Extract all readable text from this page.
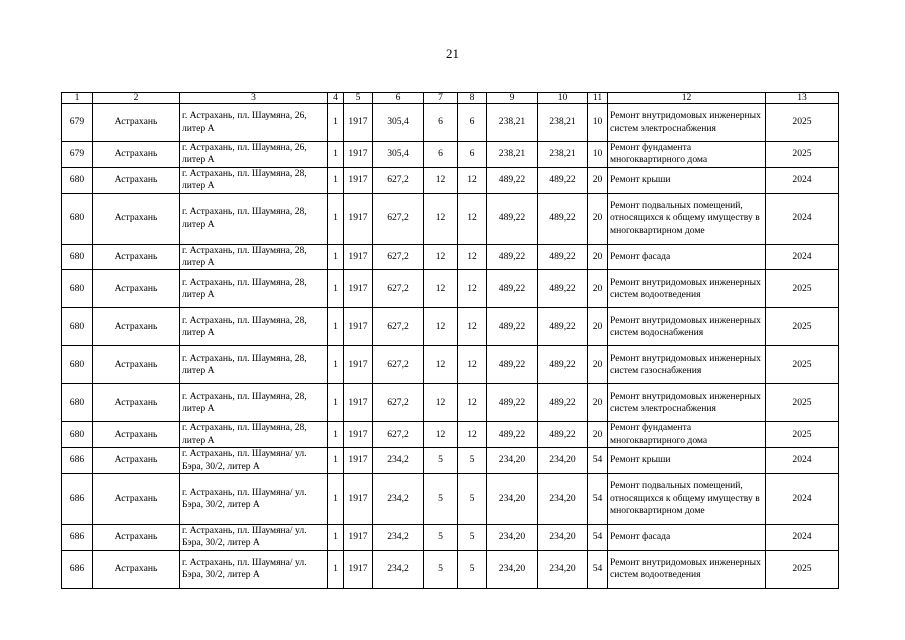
21
1	2	3	4	5	6	7	8	9	10	11	12	13
679	Астрахань	г. Астрахань, пл. Шаумяна, 26, литер А	1	1917	305,4	6	6	238,21	238,21	10	Ремонт внутридомовых инженерных систем электроснабжения	2025
679	Астрахань	г. Астрахань, пл. Шаумяна, 26, литер А	1	1917	305,4	6	6	238,21	238,21	10	Ремонт фундамента многоквартирного дома	2025
680	Астрахань	г. Астрахань, пл. Шаумяна, 28, литер А	1	1917	627,2	12	12	489,22	489,22	20	Ремонт крыши	2024
680	Астрахань	г. Астрахань, пл. Шаумяна, 28, литер А	1	1917	627,2	12	12	489,22	489,22	20	Ремонт подвальных помещений, относящихся к общему имуществу в многоквартирном доме	2024
680	Астрахань	г. Астрахань, пл. Шаумяна, 28, литер А	1	1917	627,2	12	12	489,22	489,22	20	Ремонт фасада	2024
680	Астрахань	г. Астрахань, пл. Шаумяна, 28, литер А	1	1917	627,2	12	12	489,22	489,22	20	Ремонт внутридомовых инженерных систем водоотведения	2025
680	Астрахань	г. Астрахань, пл. Шаумяна, 28, литер А	1	1917	627,2	12	12	489,22	489,22	20	Ремонт внутридомовых инженерных систем водоснабжения	2025
680	Астрахань	г. Астрахань, пл. Шаумяна, 28, литер А	1	1917	627,2	12	12	489,22	489,22	20	Ремонт внутридомовых инженерных систем газоснабжения	2025
680	Астрахань	г. Астрахань, пл. Шаумяна, 28, литер А	1	1917	627,2	12	12	489,22	489,22	20	Ремонт внутридомовых инженерных систем электроснабжения	2025
680	Астрахань	г. Астрахань, пл. Шаумяна, 28, литер А	1	1917	627,2	12	12	489,22	489,22	20	Ремонт фундамента многоквартирного дома	2025
686	Астрахань	г. Астрахань, пл. Шаумяна/ ул. Бэра, 30/2, литер А	1	1917	234,2	5	5	234,20	234,20	54	Ремонт крыши	2024
686	Астрахань	г. Астрахань, пл. Шаумяна/ ул. Бэра, 30/2, литер А	1	1917	234,2	5	5	234,20	234,20	54	Ремонт подвальных помещений, относящихся к общему имуществу в многоквартирном доме	2024
686	Астрахань	г. Астрахань, пл. Шаумяна/ ул. Бэра, 30/2, литер А	1	1917	234,2	5	5	234,20	234,20	54	Ремонт фасада	2024
686	Астрахань	г. Астрахань, пл. Шаумяна/ ул. Бэра, 30/2, литер А	1	1917	234,2	5	5	234,20	234,20	54	Ремонт внутридомовых инженерных систем водоотведения	2025
